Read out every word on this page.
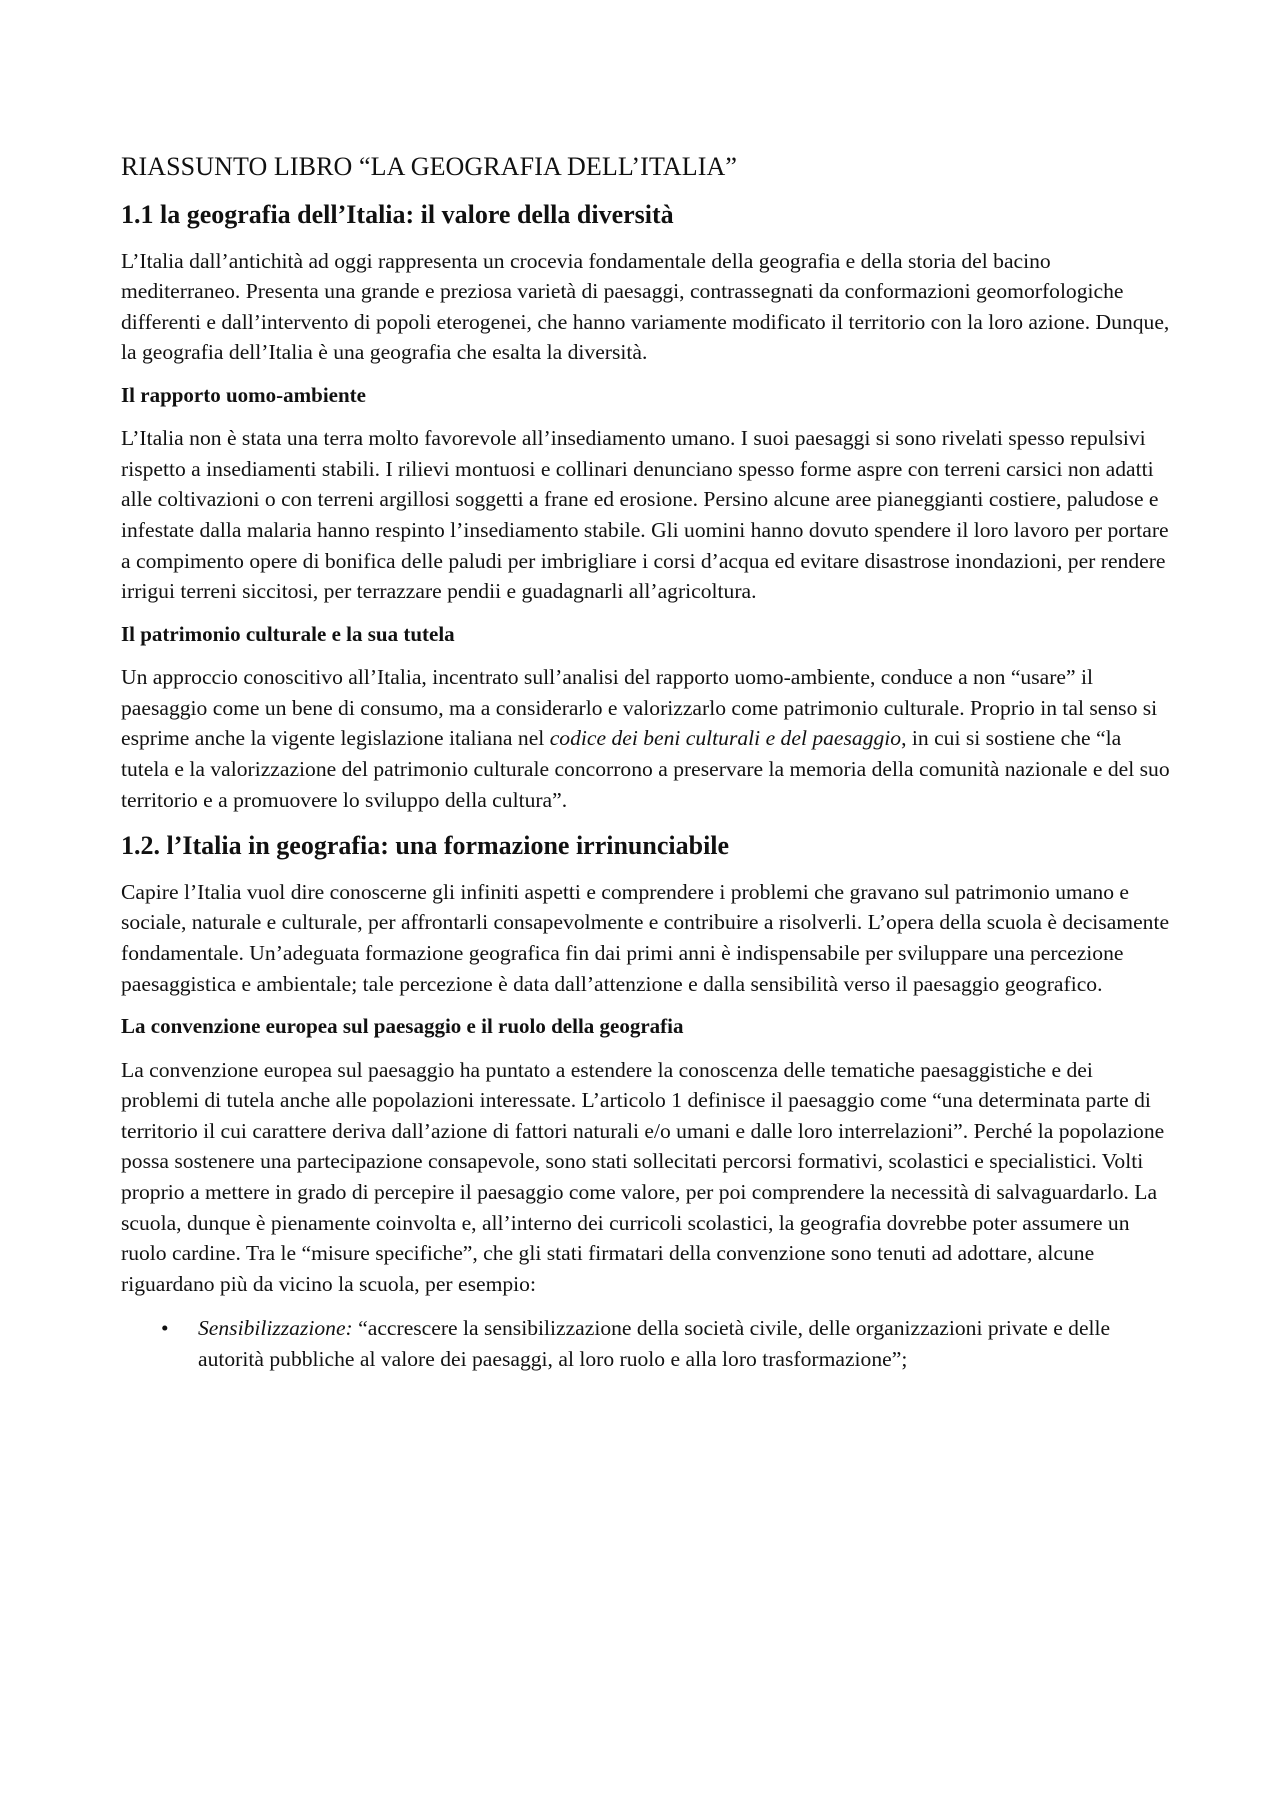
RIASSUNTO LIBRO “LA GEOGRAFIA DELL’ITALIA”
1.1 la geografia dell’Italia: il valore della diversità

L’Italia dall’antichità ad oggi rappresenta un crocevia fondamentale della geografia e della storia del bacino mediterraneo. Presenta una grande e preziosa varietà di paesaggi, contrassegnati da conformazioni geomorfologiche differenti e dall’intervento di popoli eterogenei, che hanno variamente modificato il territorio con la loro azione. Dunque, la geografia dell’Italia è una geografia che esalta la diversità.

Il rapporto uomo-ambiente

L’Italia non è stata una terra molto favorevole all’insediamento umano. I suoi paesaggi si sono rivelati spesso repulsivi rispetto a insediamenti stabili. I rilievi montuosi e collinari denunciano spesso forme aspre con terreni carsici non adatti alle coltivazioni o con terreni argillosi soggetti a frane ed erosione. Persino alcune aree pianeggianti costiere, paludose e infestate dalla malaria hanno respinto l’insediamento stabile. Gli uomini hanno dovuto spendere il loro lavoro per portare a compimento opere di bonifica delle paludi per imbrigliare i corsi d’acqua ed evitare disastrose inondazioni, per rendere irrigui terreni siccitosi, per terrazzare pendii e guadagnarli all’agricoltura.

Il patrimonio culturale e la sua tutela

Un approccio conoscitivo all’Italia, incentrato sull’analisi del rapporto uomo-ambiente, conduce a non “usare” il paesaggio come un bene di consumo, ma a considerarlo e valorizzarlo come patrimonio culturale. Proprio in tal senso si esprime anche la vigente legislazione italiana nel codice dei beni culturali e del paesaggio, in cui si sostiene che “la tutela e la valorizzazione del patrimonio culturale concorrono a preservare la memoria della comunità nazionale e del suo territorio e a promuovere lo sviluppo della cultura”.

1.2. l’Italia in geografia: una formazione irrinunciabile

Capire l’Italia vuol dire conoscerne gli infiniti aspetti e comprendere i problemi che gravano sul patrimonio umano e sociale, naturale e culturale, per affrontarli consapevolmente e contribuire a risolverli. L’opera della scuola è decisamente fondamentale. Un’adeguata formazione geografica fin dai primi anni è indispensabile per sviluppare una percezione paesaggistica e ambientale; tale percezione è data dall’attenzione e dalla sensibilità verso il paesaggio geografico.

La convenzione europea sul paesaggio e il ruolo della geografia

La convenzione europea sul paesaggio ha puntato a estendere la conoscenza delle tematiche paesaggistiche e dei problemi di tutela anche alle popolazioni interessate. L’articolo 1 definisce il paesaggio come “una determinata parte di territorio il cui carattere deriva dall’azione di fattori naturali e/o umani e dalle loro interrelazioni”. Perché la popolazione possa sostenere una partecipazione consapevole, sono stati sollecitati percorsi formativi, scolastici e specialistici. Volti proprio a mettere in grado di percepire il paesaggio come valore, per poi comprendere la necessità di salvaguardarlo. La scuola, dunque è pienamente coinvolta e, all’interno dei curricoli scolastici, la geografia dovrebbe poter assumere un ruolo cardine. Tra le “misure specifiche”, che gli stati firmatari della convenzione sono tenuti ad adottare, alcune riguardano più da vicino la scuola, per esempio:

• Sensibilizzazione: “accrescere la sensibilizzazione della società civile, delle organizzazioni private e delle autorità pubbliche al valore dei paesaggi, al loro ruolo e alla loro trasformazione”;
